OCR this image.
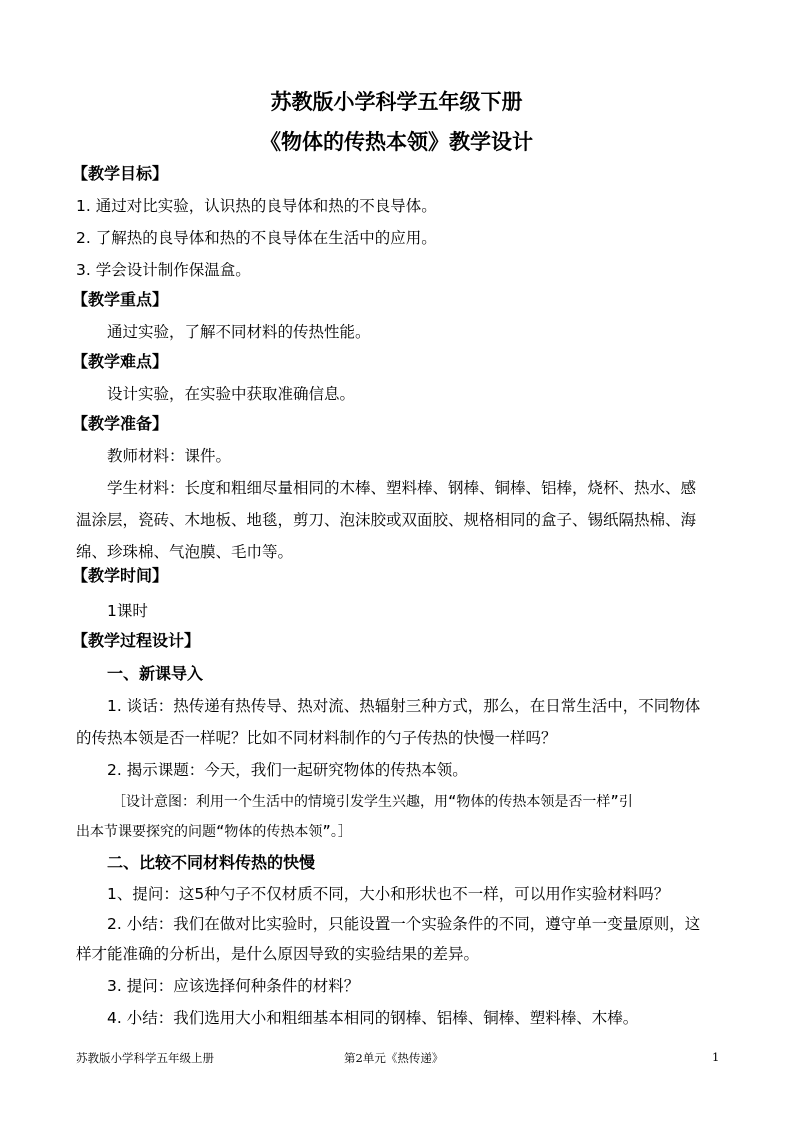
苏教版小学科学五年级下册
《物体的传热本领》教学设计
【教学目标】
1. 通过对比实验，认识热的良导体和热的不良导体。
2. 了解热的良导体和热的不良导体在生活中的应用。
3. 学会设计制作保温盒。
【教学重点】
通过实验，了解不同材料的传热性能。
【教学难点】
设计实验，在实验中获取准确信息。
【教学准备】
教师材料：课件。
学生材料：长度和粗细尽量相同的木棒、塑料棒、钢棒、铜棒、铝棒，烧杯、热水、感
温涂层，瓷砖、木地板、地毯，剪刀、泡沫胶或双面胶、规格相同的盒子、锡纸隔热棉、海
绵、珍珠棉、气泡膜、毛巾等。
【教学时间】
1课时
【教学过程设计】
一、新课导入
1. 谈话：热传递有热传导、热对流、热辐射三种方式，那么，在日常生活中，不同物体
的传热本领是否一样呢？比如不同材料制作的勺子传热的快慢一样吗？
2. 揭示课题：今天，我们一起研究物体的传热本领。
［设计意图：利用一个生活中的情境引发学生兴趣，用“物体的传热本领是否一样”引
出本节课要探究的问题“物体的传热本领”。］
二、比较不同材料传热的快慢
1、提问：这5种勺子不仅材质不同，大小和形状也不一样，可以用作实验材料吗？
2. 小结：我们在做对比实验时，只能设置一个实验条件的不同，遵守单一变量原则，这
样才能准确的分析出，是什么原因导致的实验结果的差异。
3. 提问：应该选择何种条件的材料？
4. 小结：我们选用大小和粗细基本相同的钢棒、铝棒、铜棒、塑料棒、木棒。
苏教版小学科学五年级上册	第2单元《热传递》	1
